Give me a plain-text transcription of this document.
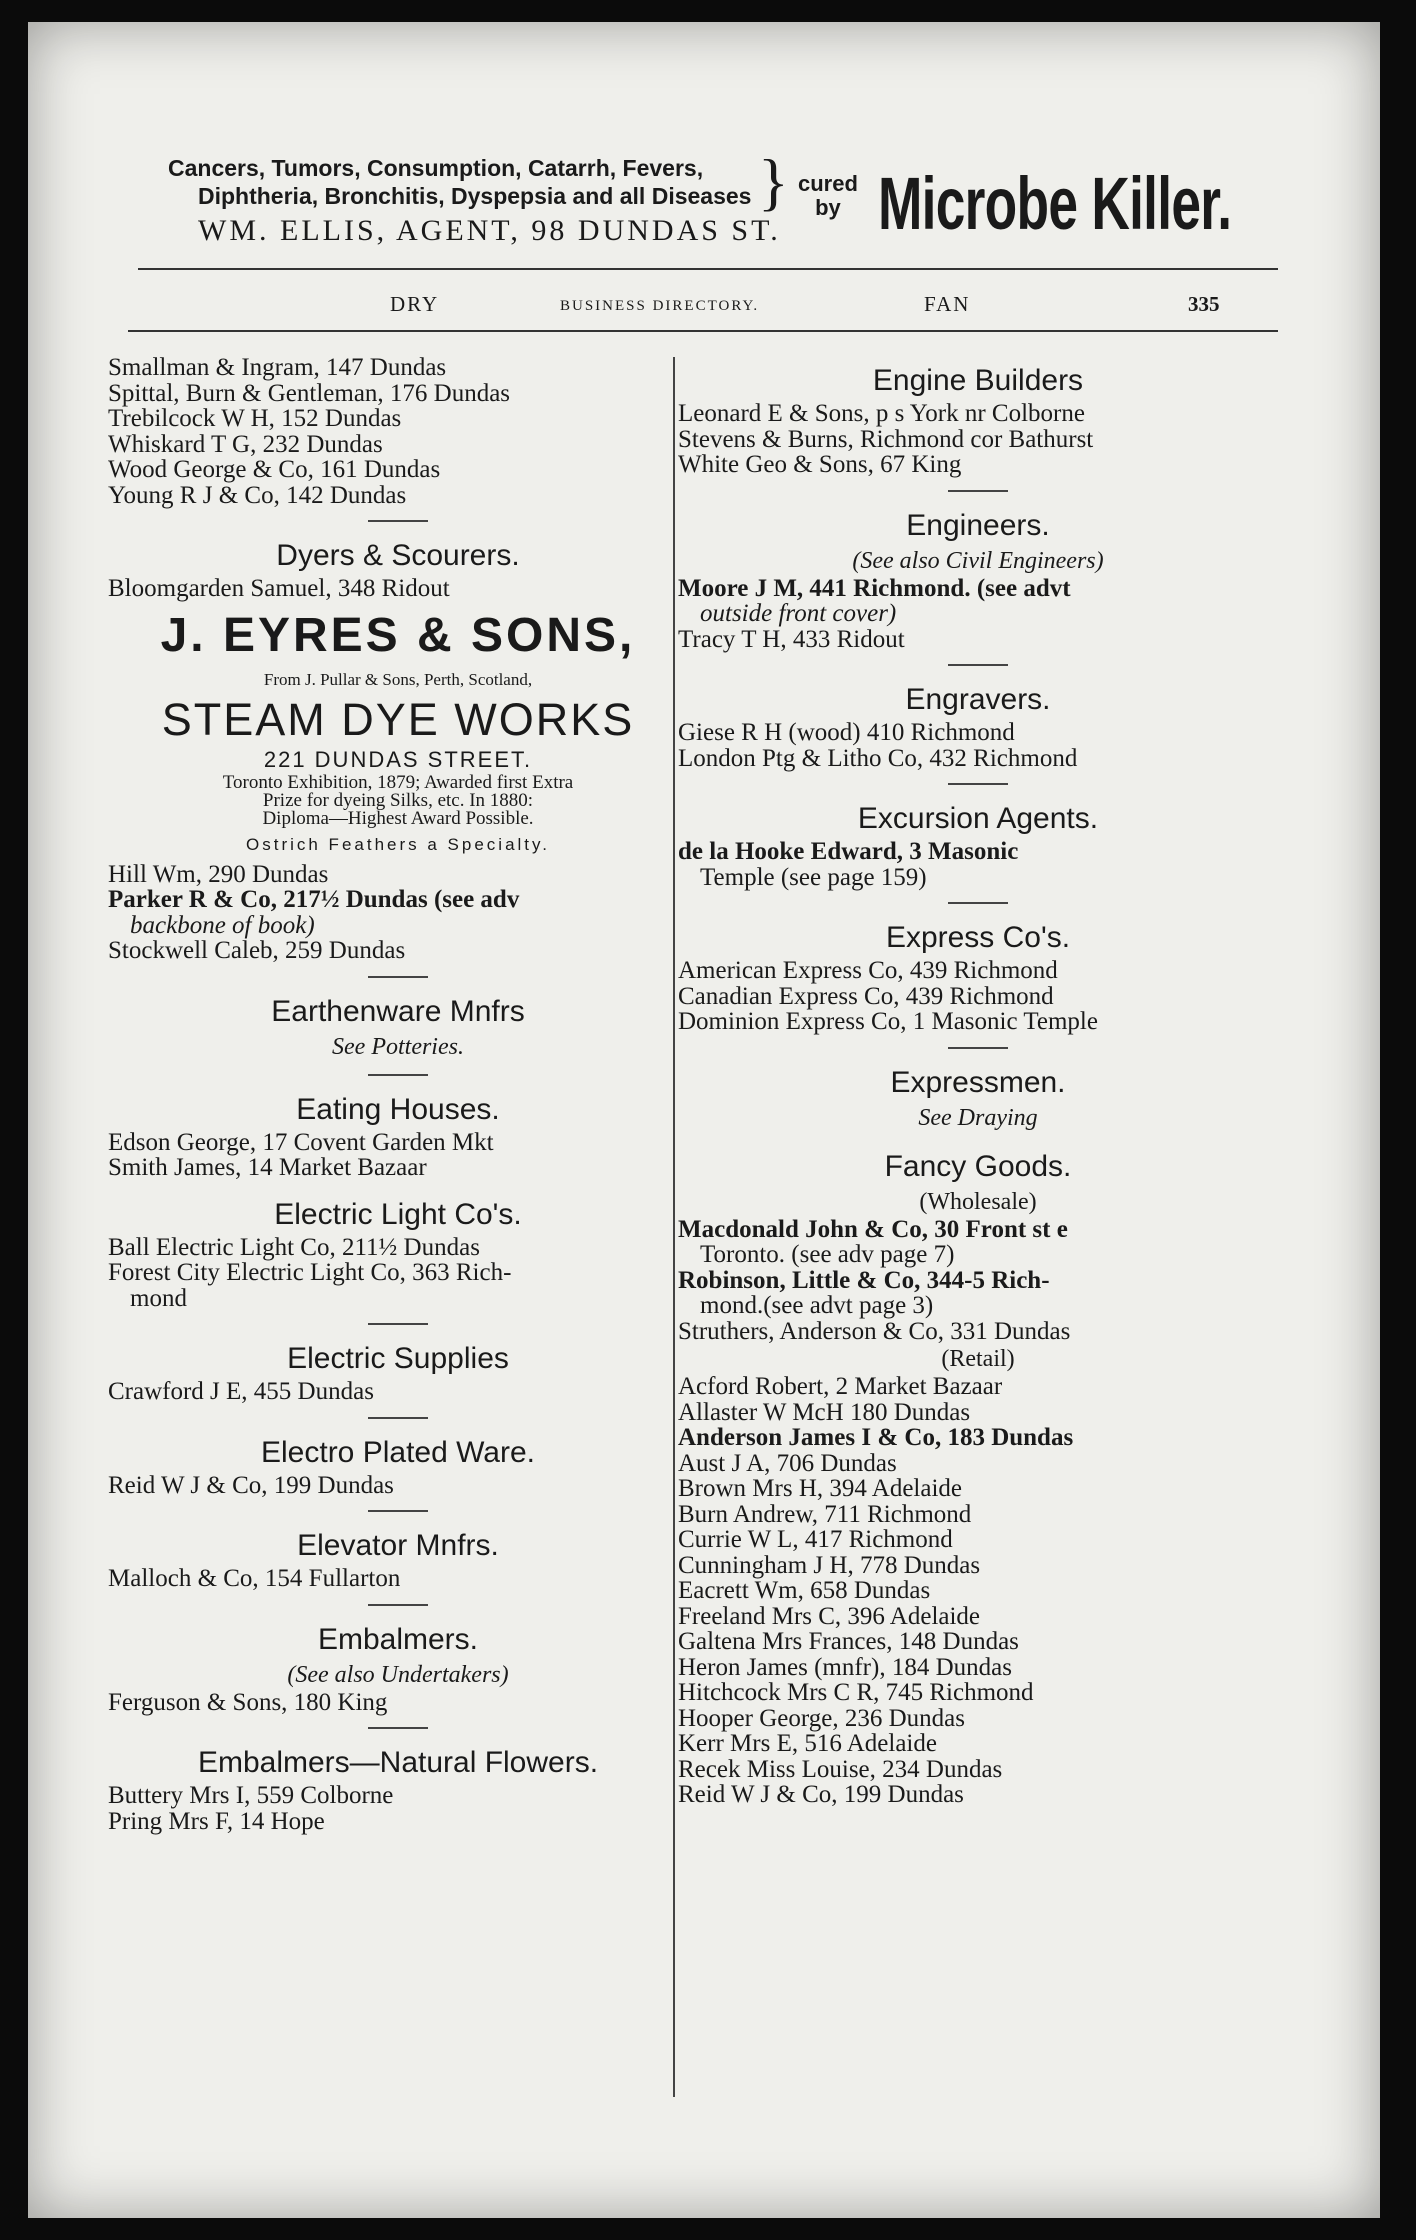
Cancers, Tumors, Consumption, Catarrh, Fevers,
Diphtheria, Bronchitis, Dyspepsia and all Diseases
WM. ELLIS, AGENT, 98 DUNDAS ST.
} cured
by Microbe Killer.
DRY	BUSINESS DIRECTORY.	FAN	335
Smallman & Ingram, 147 Dundas
Spittal, Burn & Gentleman, 176 Dundas
Trebilcock W H, 152 Dundas
Whiskard T G, 232 Dundas
Wood George & Co, 161 Dundas
Young R J & Co, 142 Dundas
Dyers & Scourers.
Bloomgarden Samuel, 348 Ridout
J. EYRES & SONS,
From J. Pullar & Sons, Perth, Scotland,
STEAM DYE WORKS
221 DUNDAS STREET.
Toronto Exhibition, 1879; Awarded first Extra
Prize for dyeing Silks, etc. In 1880:
Diploma—Highest Award Possible.
Ostrich Feathers a Specialty.
Hill Wm, 290 Dundas
Parker R & Co, 217½ Dundas (see adv
backbone of book)
Stockwell Caleb, 259 Dundas
Earthenware Mnfrs
See Potteries.
Eating Houses.
Edson George, 17 Covent Garden Mkt
Smith James, 14 Market Bazaar
Electric Light Co's.
Ball Electric Light Co, 211½ Dundas
Forest City Electric Light Co, 363 Rich-
mond
Electric Supplies
Crawford J E, 455 Dundas
Electro Plated Ware.
Reid W J & Co, 199 Dundas
Elevator Mnfrs.
Malloch & Co, 154 Fullarton
Embalmers.
(See also Undertakers)
Ferguson & Sons, 180 King
Embalmers—Natural Flowers.
Buttery Mrs I, 559 Colborne
Pring Mrs F, 14 Hope
Engine Builders
Leonard E & Sons, p s York nr Colborne
Stevens & Burns, Richmond cor Bathurst
White Geo & Sons, 67 King
Engineers.
(See also Civil Engineers)
Moore J M, 441 Richmond. (see advt
outside front cover)
Tracy T H, 433 Ridout
Engravers.
Giese R H (wood) 410 Richmond
London Ptg & Litho Co, 432 Richmond
Excursion Agents.
de la Hooke Edward, 3 Masonic
Temple (see page 159)
Express Co's.
American Express Co, 439 Richmond
Canadian Express Co, 439 Richmond
Dominion Express Co, 1 Masonic Temple
Expressmen.
See Draying
Fancy Goods.
(Wholesale)
Macdonald John & Co, 30 Front st e
Toronto. (see adv page 7)
Robinson, Little & Co, 344-5 Rich-
mond.(see advt page 3)
Struthers, Anderson & Co, 331 Dundas
(Retail)
Acford Robert, 2 Market Bazaar
Allaster W McH 180 Dundas
Anderson James I & Co, 183 Dundas
Aust J A, 706 Dundas
Brown Mrs H, 394 Adelaide
Burn Andrew, 711 Richmond
Currie W L, 417 Richmond
Cunningham J H, 778 Dundas
Eacrett Wm, 658 Dundas
Freeland Mrs C, 396 Adelaide
Galtena Mrs Frances, 148 Dundas
Heron James (mnfr), 184 Dundas
Hitchcock Mrs C R, 745 Richmond
Hooper George, 236 Dundas
Kerr Mrs E, 516 Adelaide
Recek Miss Louise, 234 Dundas
Reid W J & Co, 199 Dundas
